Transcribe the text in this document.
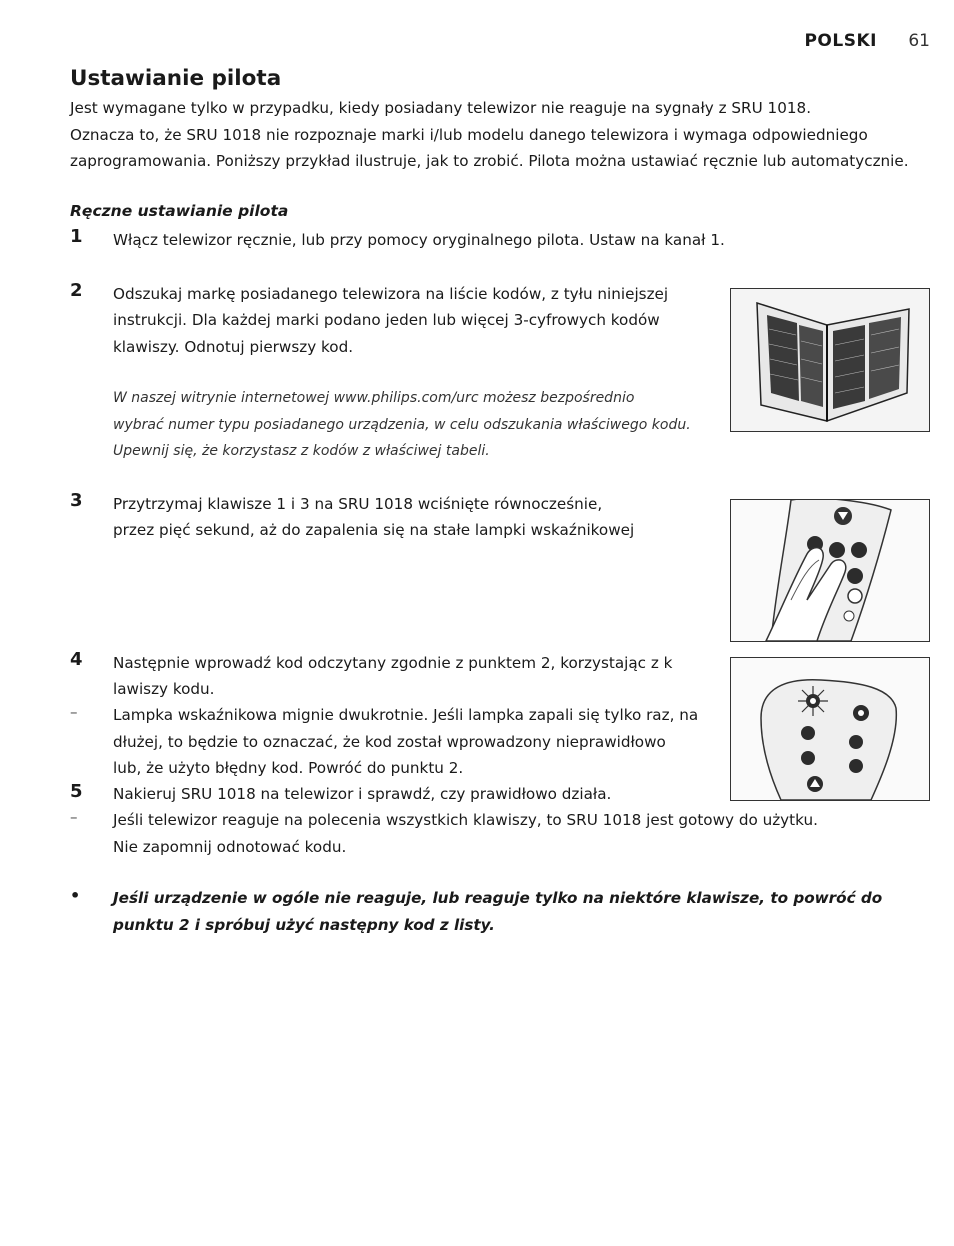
POLSKI 61
Ustawianie pilota
Jest wymagane tylko w przypadku, kiedy posiadany telewizor nie reaguje na sygnały z SRU 1018.
Oznacza to, że SRU 1018 nie rozpoznaje marki i/lub modelu danego telewizora i wymaga odpowiedniego
zaprogramowania. Poniższy przykład ilustruje, jak to zrobić. Pilota można ustawiać ręcznie lub automatycznie.
Ręczne ustawianie pilota
1 Włącz telewizor ręcznie, lub przy pomocy oryginalnego pilota. Ustaw na kanał 1.
2 Odszukaj markę posiadanego telewizora na liście kodów, z tyłu niniejszej
instrukcji. Dla każdej marki podano jeden lub więcej 3-cyfrowych kodów
klawiszy. Odnotuj pierwszy kod.
W naszej witrynie internetowej www.philips.com/urc możesz bezpośrednio
wybrać numer typu posiadanego urządzenia, w celu odszukania właściwego kodu.
Upewnij się, że korzystasz z kodów z właściwej tabeli.
3 Przytrzymaj klawisze 1 i 3 na SRU 1018 wciśnięte równocześnie,
przez pięć sekund, aż do zapalenia się na stałe lampki wskaźnikowej
4 Następnie wprowadź kod odczytany zgodnie z punktem 2, korzystając z k
lawiszy kodu.
– Lampka wskaźnikowa mignie dwukrotnie. Jeśli lampka zapali się tylko raz, na
dłużej, to będzie to oznaczać, że kod został wprowadzony nieprawidłowo
lub, że użyto błędny kod. Powróć do punktu 2.
5 Nakieruj SRU 1018 na telewizor i sprawdź, czy prawidłowo działa.
– Jeśli telewizor reaguje na polecenia wszystkich klawiszy, to SRU 1018 jest gotowy do użytku.
Nie zapomnij odnotować kodu.
• Jeśli urządzenie w ogóle nie reaguje, lub reaguje tylko na niektóre klawisze, to powróć do
punktu 2 i spróbuj użyć następny kod z listy.
